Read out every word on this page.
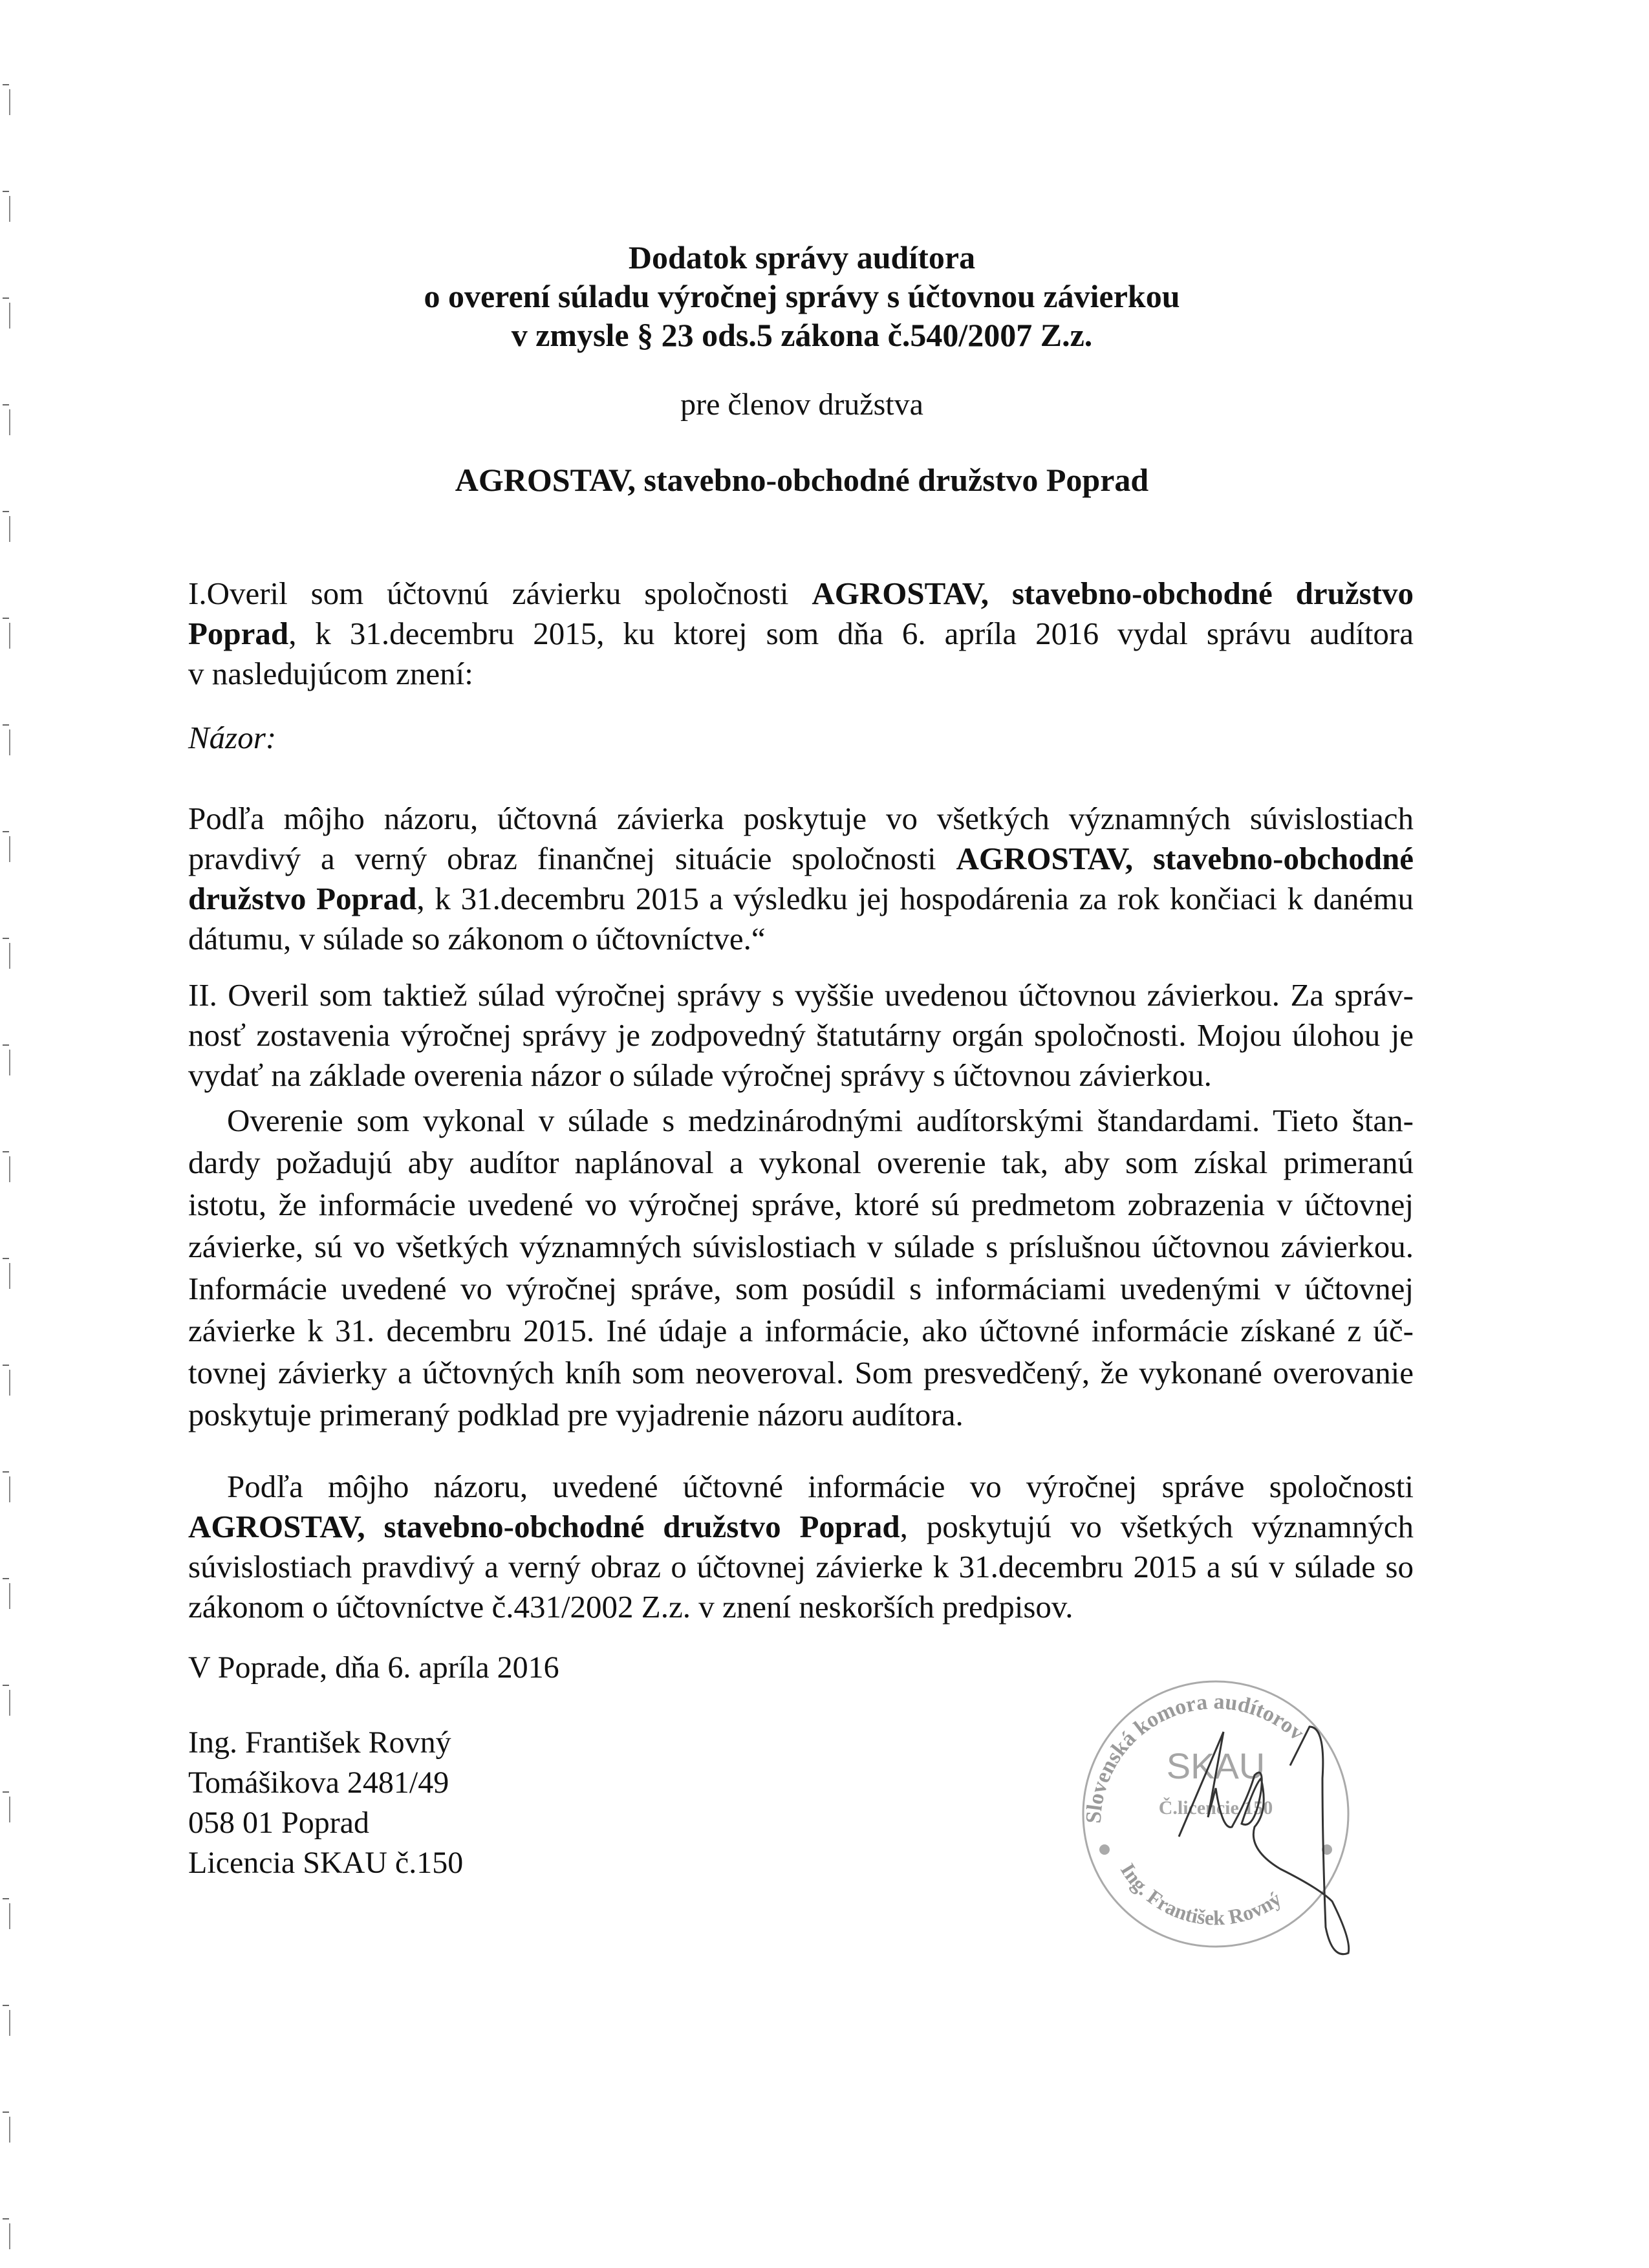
Dodatok správy audítora
o overení súladu výročnej správy s účtovnou závierkou
v zmysle § 23 ods.5 zákona č.540/2007 Z.z.
pre členov družstva
AGROSTAV, stavebno-obchodné družstvo Poprad
I.Overil som účtovnú závierku spoločnosti AGROSTAV, stavebno-obchodné družstvo
Poprad, k 31.decembru 2015, ku ktorej som dňa 6. apríla 2016 vydal správu audítora
v nasledujúcom znení:
Názor:
Podľa môjho názoru, účtovná závierka poskytuje vo všetkých významných súvislostiach
pravdivý a verný obraz finančnej situácie spoločnosti AGROSTAV, stavebno-obchodné
družstvo Poprad, k 31.decembru 2015 a výsledku jej hospodárenia za rok končiaci k danému
dátumu, v súlade so zákonom o účtovníctve.“
II. Overil som taktiež súlad výročnej správy s vyššie uvedenou účtovnou závierkou. Za správ-
nosť zostavenia výročnej správy je zodpovedný štatutárny orgán spoločnosti. Mojou úlohou je
vydať na základe overenia názor o súlade výročnej správy s účtovnou závierkou.
Overenie som vykonal v súlade s medzinárodnými audítorskými štandardami. Tieto štan-
dardy požadujú aby audítor naplánoval a vykonal overenie tak, aby som získal primeranú
istotu, že informácie uvedené vo výročnej správe, ktoré sú predmetom zobrazenia v účtovnej
závierke, sú vo všetkých významných súvislostiach v súlade s príslušnou účtovnou závierkou.
Informácie uvedené vo výročnej správe, som posúdil s informáciami uvedenými v účtovnej
závierke k 31. decembru 2015. Iné údaje a informácie, ako účtovné informácie získané z úč-
tovnej závierky a účtovných kníh som neoveroval. Som presvedčený, že vykonané overovanie
poskytuje primeraný podklad pre vyjadrenie názoru audítora.
Podľa môjho názoru, uvedené účtovné informácie vo výročnej správe spoločnosti
AGROSTAV, stavebno-obchodné družstvo Poprad, poskytujú vo všetkých významných
súvislostiach pravdivý a verný obraz o účtovnej závierke k 31.decembru 2015 a sú v súlade so
zákonom o účtovníctve č.431/2002 Z.z. v znení neskorších predpisov.
V Poprade, dňa 6. apríla 2016
Ing. František Rovný
Tomášikova 2481/49
058 01 Poprad
Licencia SKAU č.150
Slovenská komora audítorov
Ing. František Rovný
SKAU
Č.licencie 150
